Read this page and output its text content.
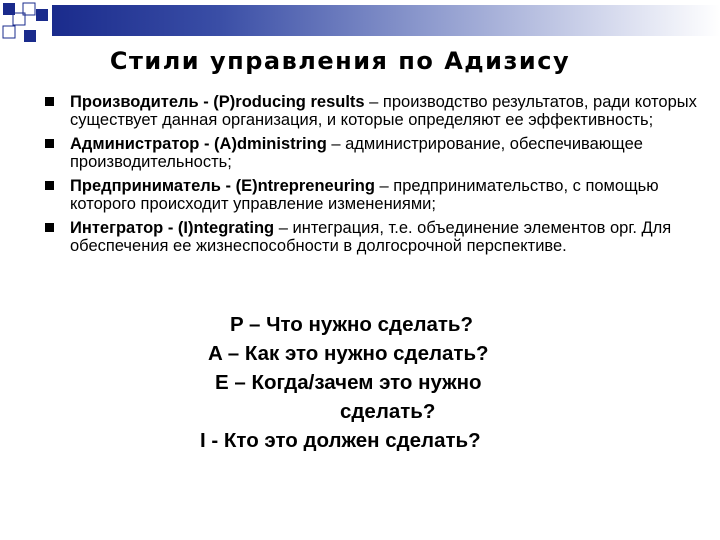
Стили управления по Адизису
Производитель - (P)roducing results – производство результатов, ради которых существует данная организация, и которые определяют ее эффективность;
Администратор - (A)dministring – администрирование, обеспечивающее производительность;
Предприниматель - (E)ntrepreneuring – предпринимательство, с помощью которого происходит управление изменениями;
Интегратор - (I)ntegrating – интеграция, т.е. объединение элементов орг. Для обеспечения ее жизнеспособности в долгосрочной перспективе.
P – Что нужно сделать?
A – Как это нужно сделать?
E – Когда/зачем это нужно
сделать?
I - Кто это должен сделать?
